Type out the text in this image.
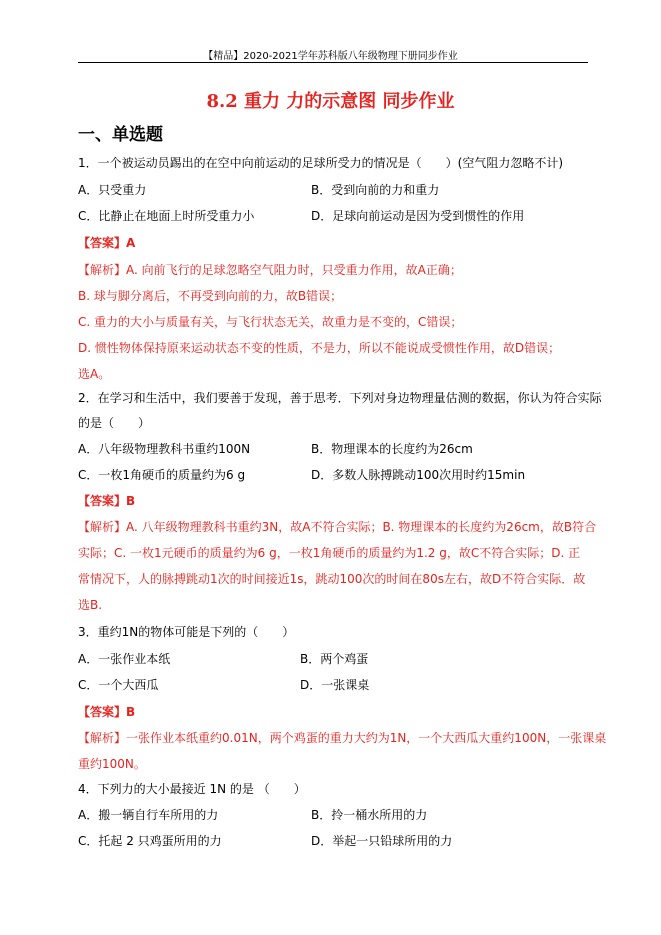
【精品】2020-2021学年苏科版八年级物理下册同步作业
8.2 重力 力的示意图 同步作业
一、单选题
1．一个被运动员踢出的在空中向前运动的足球所受力的情况是（　　）(空气阻力忽略不计)
A．只受重力	B．受到向前的力和重力
C．比静止在地面上时所受重力小	D．足球向前运动是因为受到惯性的作用
【答案】A
【解析】A. 向前飞行的足球忽略空气阻力时，只受重力作用，故A正确；
B. 球与脚分离后，不再受到向前的力，故B错误；
C. 重力的大小与质量有关，与飞行状态无关，故重力是不变的，C错误；
D. 惯性物体保持原来运动状态不变的性质，不是力，所以不能说成受惯性作用，故D错误；
选A。
2．在学习和生活中，我们要善于发现，善于思考．下列对身边物理量估测的数据，你认为符合实际
的是（　　）
A．八年级物理教科书重约100N	B．物理课本的长度约为26cm
C．一枚1角硬币的质量约为6 g	D．多数人脉搏跳动100次用时约15min
【答案】B
【解析】A. 八年级物理教科书重约3N，故A不符合实际；B. 物理课本的长度约为26cm，故B符合
实际；C. 一枚1元硬币的质量约为6 g，一枚1角硬币的质量约为1.2 g，故C不符合实际；D. 正
常情况下，人的脉搏跳动1次的时间接近1s，跳动100次的时间在80s左右，故D不符合实际．故
选B.
3．重约1N的物体可能是下列的（　　）
A．一张作业本纸	B．两个鸡蛋
C．一个大西瓜	D．一张课桌
【答案】B
【解析】一张作业本纸重约0.01N，两个鸡蛋的重力大约为1N，一个大西瓜大重约100N，一张课桌
重约100N。
4．下列力的大小最接近 1N 的是 （　　）
A．搬一辆自行车所用的力	B．拎一桶水所用的力
C．托起 2 只鸡蛋所用的力	D．举起一只铅球所用的力
